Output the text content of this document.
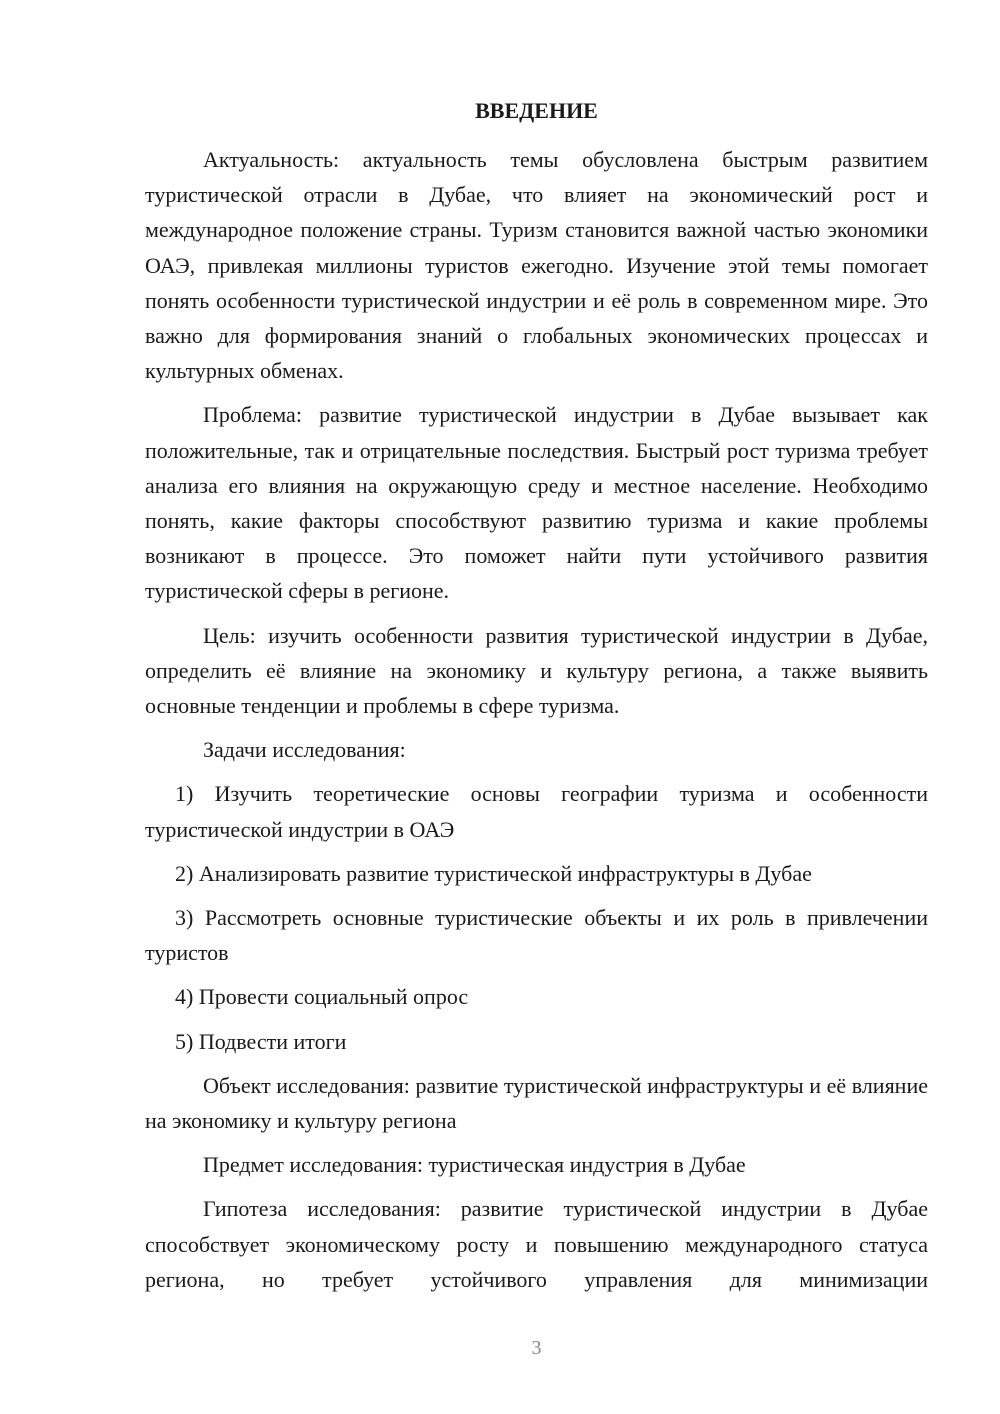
ВВЕДЕНИЕ

Актуальность: актуальность темы обусловлена быстрым развитием туристической отрасли в Дубае, что влияет на экономический рост и международное положение страны. Туризм становится важной частью экономики ОАЭ, привлекая миллионы туристов ежегодно. Изучение этой темы помогает понять особенности туристической индустрии и её роль в современном мире. Это важно для формирования знаний о глобальных экономических процессах и культурных обменах.

Проблема: развитие туристической индустрии в Дубае вызывает как положительные, так и отрицательные последствия. Быстрый рост туризма требует анализа его влияния на окружающую среду и местное население. Необходимо понять, какие факторы способствуют развитию туризма и какие проблемы возникают в процессе. Это поможет найти пути устойчивого развития туристической сферы в регионе.

Цель: изучить особенности развития туристической индустрии в Дубае, определить её влияние на экономику и культуру региона, а также выявить основные тенденции и проблемы в сфере туризма.

Задачи исследования:

1) Изучить теоретические основы географии туризма и особенности туристической индустрии в ОАЭ

2) Анализировать развитие туристической инфраструктуры в Дубае

3) Рассмотреть основные туристические объекты и их роль в привлечении туристов

4) Провести социальный опрос

5) Подвести итоги

Объект исследования: развитие туристической инфраструктуры и её влияние на экономику и культуру региона

Предмет исследования: туристическая индустрия в Дубае

Гипотеза исследования: развитие туристической индустрии в Дубае способствует экономическому росту и повышению международного статуса региона, но требует устойчивого управления для минимизации

3
